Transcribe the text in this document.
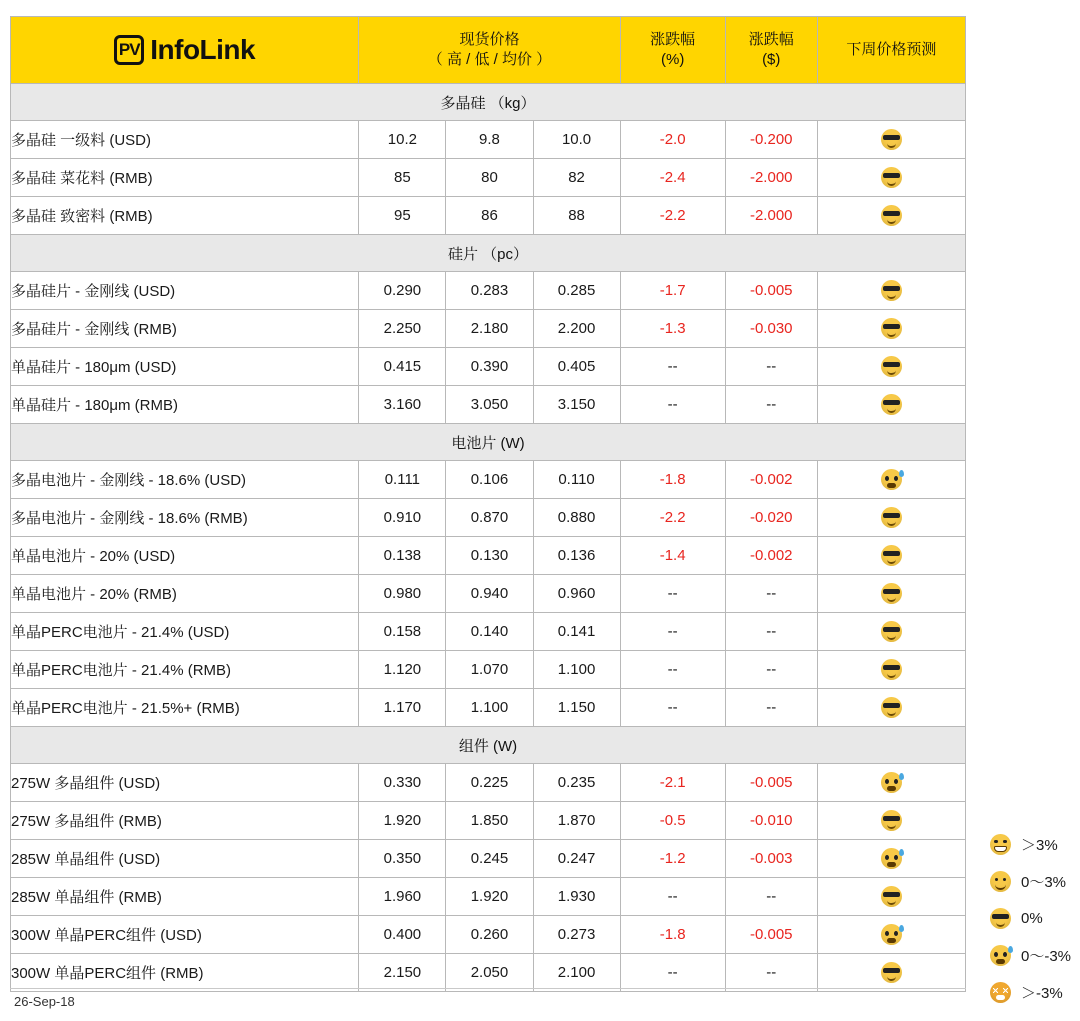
PV InfoLink	现货价格
（ 高 / 低 / 均价 ）

涨跌幅
(%)

涨跌幅
($)

下周价格预测

多晶硅 （kg）						
多晶硅 一级料 (USD)	10.2	9.8	10.0	-2.0	-0.200	
多晶硅 菜花料 (RMB)	85	80	82	-2.4	-2.000	
多晶硅 致密料 (RMB)	95	86	88	-2.2	-2.000	
硅片 （pc）						
多晶硅片 - 金刚线 (USD)	0.290	0.283	0.285	-1.7	-0.005	
多晶硅片 - 金刚线 (RMB)	2.250	2.180	2.200	-1.3	-0.030	
单晶硅片 - 180μm (USD)	0.415	0.390	0.405	--	--	
单晶硅片 - 180μm (RMB)	3.160	3.050	3.150	--	--	
电池片 (W)						
多晶电池片 - 金刚线 - 18.6% (USD)	0.111	0.106	0.110	-1.8	-0.002	

多晶电池片 - 金刚线 - 18.6% (RMB)	0.910	0.870	0.880	-2.2	-0.020	
单晶电池片 - 20% (USD)	0.138	0.130	0.136	-1.4	-0.002	
单晶电池片 - 20% (RMB)	0.980	0.940	0.960	--	--	
单晶PERC电池片 - 21.4% (USD)	0.158	0.140	0.141	--	--	
单晶PERC电池片 - 21.4% (RMB)	1.120	1.070	1.100	--	--	
单晶PERC电池片 - 21.5%+ (RMB)	1.170	1.100	1.150	--	--	
组件 (W)						
275W 多晶组件 (USD)	0.330	0.225	0.235	-2.1	-0.005	

275W 多晶组件 (RMB)	1.920	1.850	1.870	-0.5	-0.010	
285W 单晶组件 (USD)	0.350	0.245	0.247	-1.2	-0.003	

285W 单晶组件 (RMB)	1.960	1.920	1.930	--	--	
300W 单晶PERC组件 (USD)	0.400	0.260	0.273	-1.8	-0.005	

300W 单晶PERC组件 (RMB)	2.150	2.050	2.100	--	--	
＞3%
0～3%
0%
0～-3%
＞-3%
26-Sep-18
